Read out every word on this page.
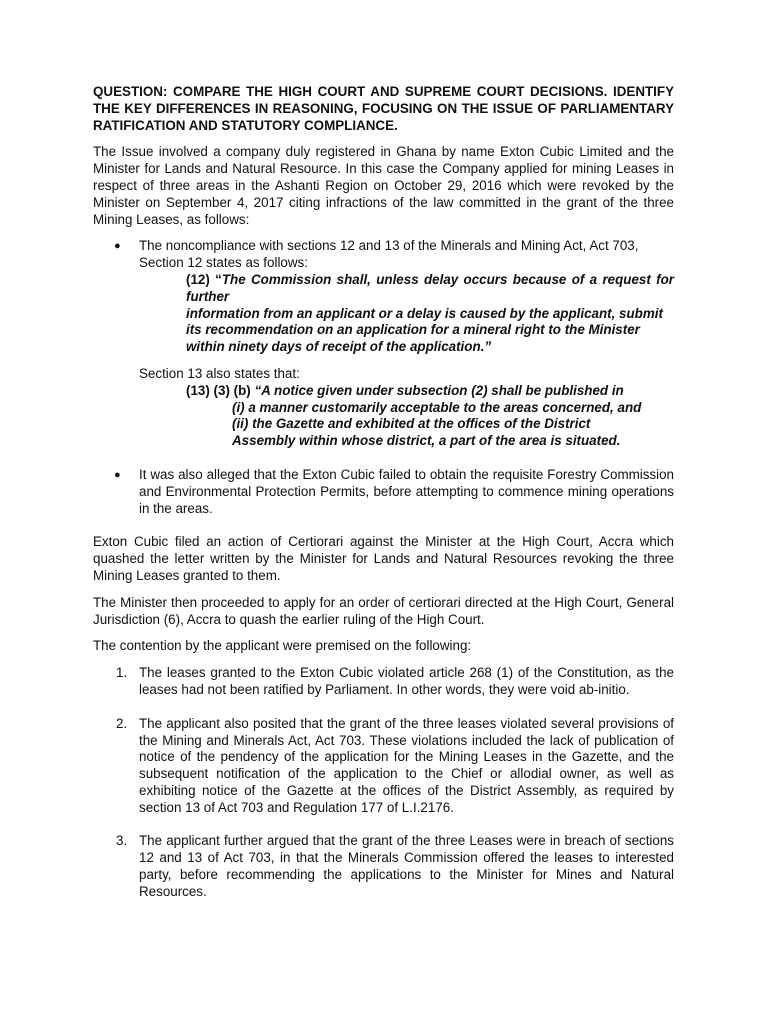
QUESTION: COMPARE THE HIGH COURT AND SUPREME COURT DECISIONS. IDENTIFY THE KEY DIFFERENCES IN REASONING, FOCUSING ON THE ISSUE OF PARLIAMENTARY RATIFICATION AND STATUTORY COMPLIANCE.

The Issue involved a company duly registered in Ghana by name Exton Cubic Limited and the Minister for Lands and Natural Resource. In this case the Company applied for mining Leases in respect of three areas in the Ashanti Region on October 29, 2016 which were revoked by the Minister on September 4, 2017 citing infractions of the law committed in the grant of the three Mining Leases, as follows:

● The noncompliance with sections 12 and 13 of the Minerals and Mining Act, Act 703,
Section 12 states as follows:
(12) “The Commission shall, unless delay occurs because of a request for further
information from an applicant or a delay is caused by the applicant, submit its recommendation on an application for a mineral right to the Minister within ninety days of receipt of the application.”
Section 13 also states that:
(13) (3) (b) “A notice given under subsection (2) shall be published in
(i) a manner customarily acceptable to the areas concerned, and
(ii) the Gazette and exhibited at the offices of the District
Assembly within whose district, a part of the area is situated.
● It was also alleged that the Exton Cubic failed to obtain the requisite Forestry Commission and Environmental Protection Permits, before attempting to commence mining operations in the areas.

Exton Cubic filed an action of Certiorari against the Minister at the High Court, Accra which quashed the letter written by the Minister for Lands and Natural Resources revoking the three Mining Leases granted to them.

The Minister then proceeded to apply for an order of certiorari directed at the High Court, General Jurisdiction (6), Accra to quash the earlier ruling of the High Court.

The contention by the applicant were premised on the following:

1. The leases granted to the Exton Cubic violated article 268 (1) of the Constitution, as the leases had not been ratified by Parliament. In other words, they were void ab-initio.
2. The applicant also posited that the grant of the three leases violated several provisions of the Mining and Minerals Act, Act 703. These violations included the lack of publication of notice of the pendency of the application for the Mining Leases in the Gazette, and the subsequent notification of the application to the Chief or allodial owner, as well as exhibiting notice of the Gazette at the offices of the District Assembly, as required by section 13 of Act 703 and Regulation 177 of L.I.2176.
3. The applicant further argued that the grant of the three Leases were in breach of sections 12 and 13 of Act 703, in that the Minerals Commission offered the leases to interested party, before recommending the applications to the Minister for Mines and Natural Resources.
